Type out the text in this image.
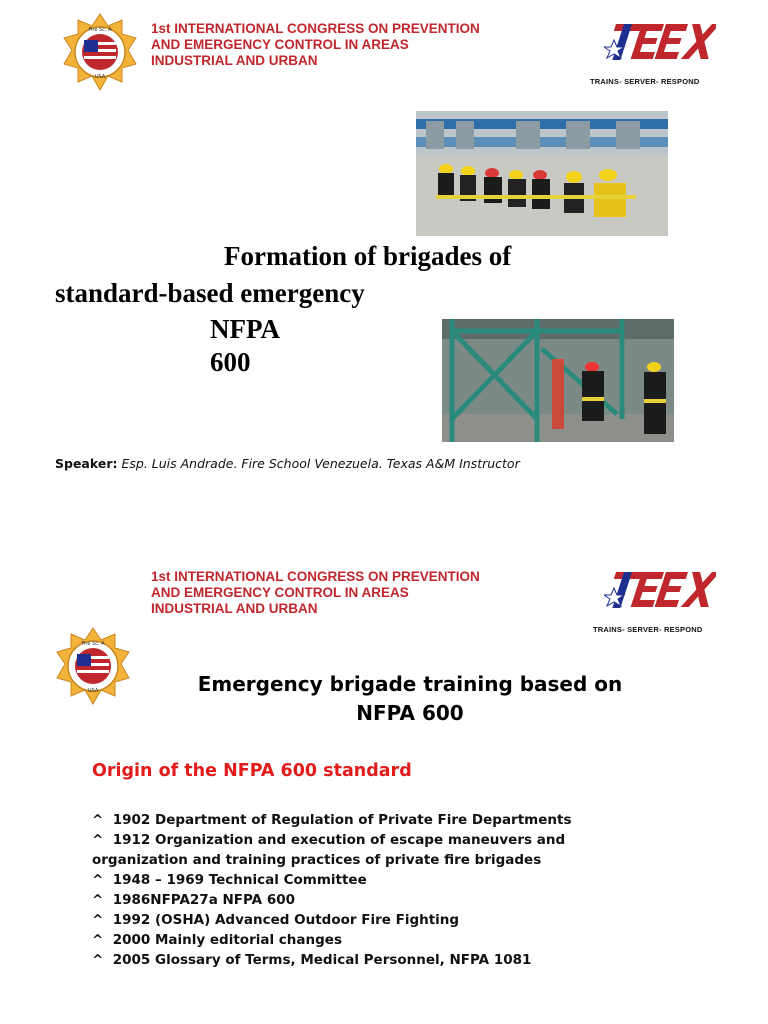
Fire Sc. A
USA
1st INTERNATIONAL CONGRESS ON PREVENTION
AND EMERGENCY CONTROL IN AREAS
INDUSTRIAL AND URBAN
TRAINS- SERVER- RESPOND
Formation of brigades of
standard-based emergency
NFPA
600
Speaker: Esp. Luis Andrade. Fire School Venezuela. Texas A&M Instructor
1st INTERNATIONAL CONGRESS ON PREVENTION
AND EMERGENCY CONTROL IN AREAS
INDUSTRIAL AND URBAN
TRAINS- SERVER- RESPOND
Fire Sc. A
USA	Emergency brigade training based on
NFPA 600
Origin of the NFPA 600 standard
^ 1902 Department of Regulation of Private Fire Departments
^ 1912 Organization and execution of escape maneuvers and organization and training practices of private fire brigades
^ 1948 – 1969 Technical Committee
^ 1986NFPA27a NFPA 600
^ 1992 (OSHA) Advanced Outdoor Fire Fighting
^ 2000 Mainly editorial changes
^ 2005 Glossary of Terms, Medical Personnel, NFPA 1081
